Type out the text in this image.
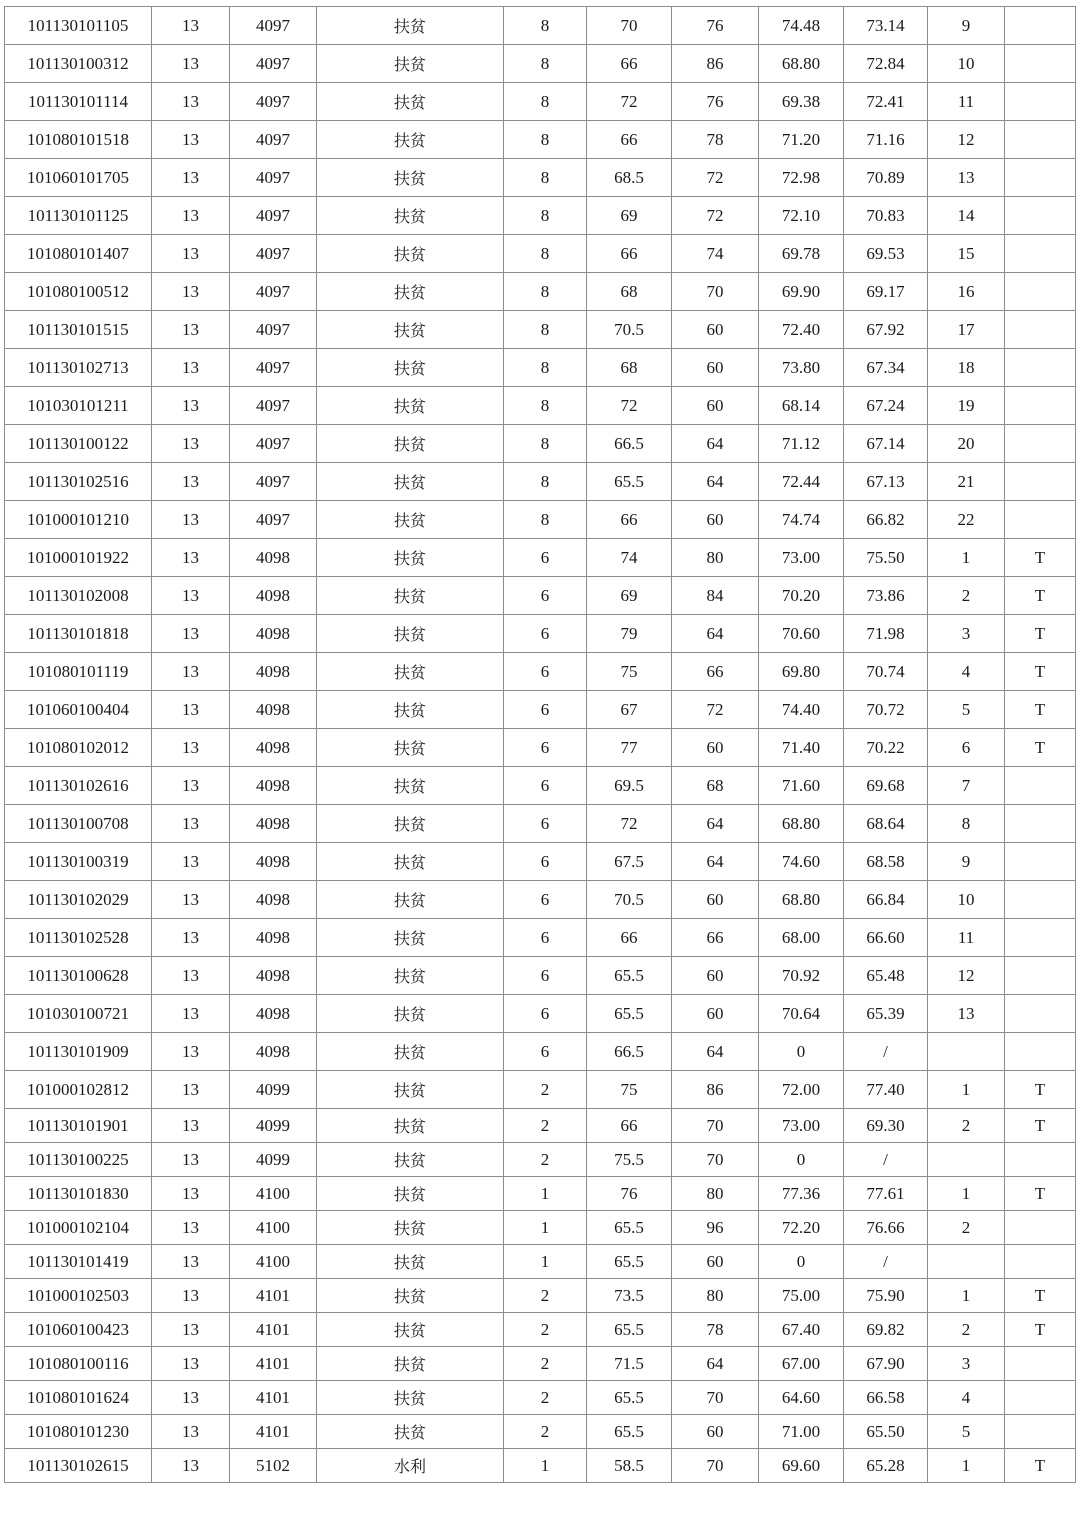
101130101105	13	4097	扶贫	8	70	76	74.48	73.14	9	
101130100312	13	4097	扶贫	8	66	86	68.80	72.84	10	
101130101114	13	4097	扶贫	8	72	76	69.38	72.41	11	
101080101518	13	4097	扶贫	8	66	78	71.20	71.16	12	
101060101705	13	4097	扶贫	8	68.5	72	72.98	70.89	13	
101130101125	13	4097	扶贫	8	69	72	72.10	70.83	14	
101080101407	13	4097	扶贫	8	66	74	69.78	69.53	15	
101080100512	13	4097	扶贫	8	68	70	69.90	69.17	16	
101130101515	13	4097	扶贫	8	70.5	60	72.40	67.92	17	
101130102713	13	4097	扶贫	8	68	60	73.80	67.34	18	
101030101211	13	4097	扶贫	8	72	60	68.14	67.24	19	
101130100122	13	4097	扶贫	8	66.5	64	71.12	67.14	20	
101130102516	13	4097	扶贫	8	65.5	64	72.44	67.13	21	
101000101210	13	4097	扶贫	8	66	60	74.74	66.82	22	
101000101922	13	4098	扶贫	6	74	80	73.00	75.50	1	T
101130102008	13	4098	扶贫	6	69	84	70.20	73.86	2	T
101130101818	13	4098	扶贫	6	79	64	70.60	71.98	3	T
101080101119	13	4098	扶贫	6	75	66	69.80	70.74	4	T
101060100404	13	4098	扶贫	6	67	72	74.40	70.72	5	T
101080102012	13	4098	扶贫	6	77	60	71.40	70.22	6	T
101130102616	13	4098	扶贫	6	69.5	68	71.60	69.68	7	
101130100708	13	4098	扶贫	6	72	64	68.80	68.64	8	
101130100319	13	4098	扶贫	6	67.5	64	74.60	68.58	9	
101130102029	13	4098	扶贫	6	70.5	60	68.80	66.84	10	
101130102528	13	4098	扶贫	6	66	66	68.00	66.60	11	
101130100628	13	4098	扶贫	6	65.5	60	70.92	65.48	12	
101030100721	13	4098	扶贫	6	65.5	60	70.64	65.39	13	
101130101909	13	4098	扶贫	6	66.5	64	0	/		
101000102812	13	4099	扶贫	2	75	86	72.00	77.40	1	T
101130101901	13	4099	扶贫	2	66	70	73.00	69.30	2	T
101130100225	13	4099	扶贫	2	75.5	70	0	/		
101130101830	13	4100	扶贫	1	76	80	77.36	77.61	1	T
101000102104	13	4100	扶贫	1	65.5	96	72.20	76.66	2	
101130101419	13	4100	扶贫	1	65.5	60	0	/		
101000102503	13	4101	扶贫	2	73.5	80	75.00	75.90	1	T
101060100423	13	4101	扶贫	2	65.5	78	67.40	69.82	2	T
101080100116	13	4101	扶贫	2	71.5	64	67.00	67.90	3	
101080101624	13	4101	扶贫	2	65.5	70	64.60	66.58	4	
101080101230	13	4101	扶贫	2	65.5	60	71.00	65.50	5	
101130102615	13	5102	水利	1	58.5	70	69.60	65.28	1	T
